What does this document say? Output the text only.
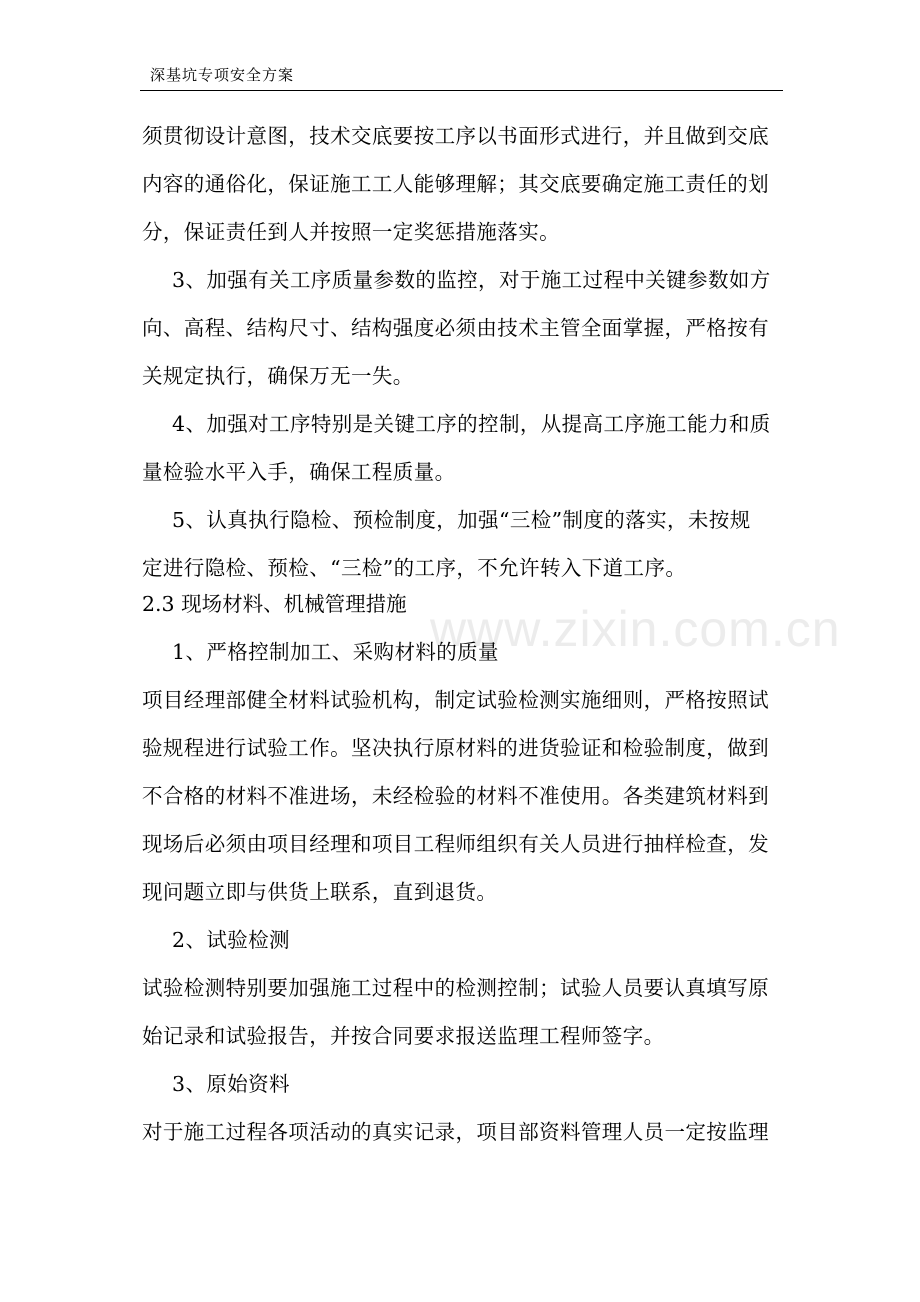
深基坑专项安全方案
www.zixin.com.cn
须贯彻设计意图，技术交底要按工序以书面形式进行，并且做到交底
内容的通俗化，保证施工工人能够理解；其交底要确定施工责任的划
分，保证责任到人并按照一定奖惩措施落实。
3、加强有关工序质量参数的监控，对于施工过程中关键参数如方
向、高程、结构尺寸、结构强度必须由技术主管全面掌握，严格按有
关规定执行，确保万无一失。
4、加强对工序特别是关键工序的控制，从提高工序施工能力和质
量检验水平入手，确保工程质量。
5、认真执行隐检、预检制度，加强“三检”制度的落实，未按规
定进行隐检、预检、“三检”的工序，不允许转入下道工序。
2.3 现场材料、机械管理措施
1、严格控制加工、采购材料的质量
项目经理部健全材料试验机构，制定试验检测实施细则，严格按照试
验规程进行试验工作。坚决执行原材料的进货验证和检验制度，做到
不合格的材料不准进场，未经检验的材料不准使用。各类建筑材料到
现场后必须由项目经理和项目工程师组织有关人员进行抽样检查，发
现问题立即与供货上联系，直到退货。
2、试验检测
试验检测特别要加强施工过程中的检测控制；试验人员要认真填写原
始记录和试验报告，并按合同要求报送监理工程师签字。
3、原始资料
对于施工过程各项活动的真实记录，项目部资料管理人员一定按监理
